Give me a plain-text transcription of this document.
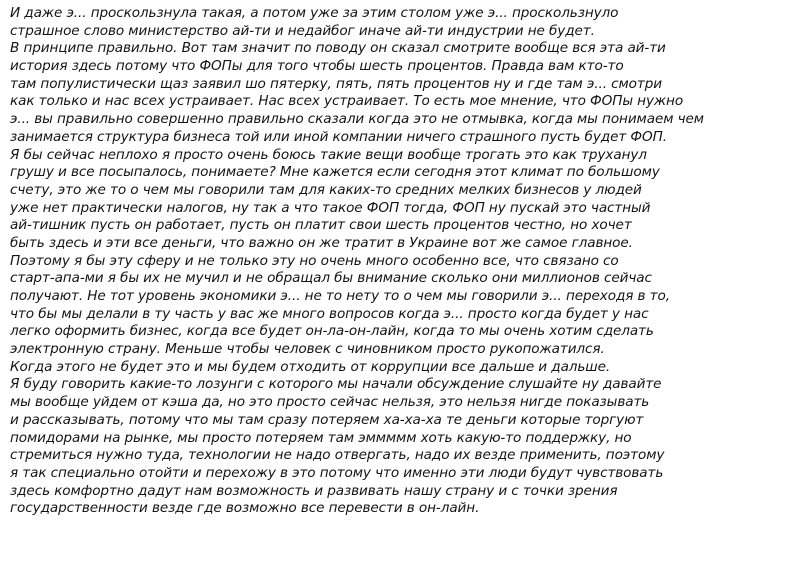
И даже э... проскользнула такая, а потом уже за этим столом уже э... проскользнуло
страшное слово министерство ай-ти и недайбог иначе ай-ти индустрии не будет.
В принципе правильно. Вот там значит по поводу он сказал смотрите вообще вся эта ай-ти
история здесь потому что ФОПы для того чтобы шесть процентов. Правда вам кто-то
там популистически щаз заявил шо пятерку, пять, пять процентов ну и где там э... смотри
как только и нас всех устраивает. Нас всех устраивает. То есть мое мнение, что ФОПы нужно
э... вы правильно совершенно правильно сказали когда это не отмывка, когда мы понимаем чем
занимается структура бизнеса той или иной компании ничего страшного пусть будет ФОП.
Я бы сейчас неплохо я просто очень боюсь такие вещи вообще трогать это как труханул
грушу и все посыпалось, понимаете? Мне кажется если сегодня этот климат по большому
счету, это же то о чем мы говорили там для каких-то средних мелких бизнесов у людей
уже нет практически налогов, ну так а что такое ФОП тогда, ФОП ну пускай это частный
ай-тишник пусть он работает, пусть он платит свои шесть процентов честно, но хочет
быть здесь и эти все деньги, что важно он же тратит в Украине вот же самое главное.
Поэтому я бы эту сферу и не только эту но очень много особенно все, что связано со
старт-апа-ми я бы их не мучил и не обращал бы внимание сколько они миллионов сейчас
получают. Не тот уровень экономики э... не то нету то о чем мы говорили э... переходя в то,
что бы мы делали в ту часть у вас же много вопросов когда э... просто когда будет у нас
легко оформить бизнес, когда все будет он-ла-он-лайн, когда то мы очень хотим сделать
электронную страну. Меньше чтобы человек с чиновником просто рукопожатился.
Когда этого не будет это и мы будем отходить от коррупции все дальше и дальше.
Я буду говорить какие-то лозунги с которого мы начали обсуждение слушайте ну давайте
мы вообще уйдем от кэша да, но это просто сейчас нельзя, это нельзя нигде показывать
и рассказывать, потому что мы там сразу потеряем ха-ха-ха те деньги которые торгуют
помидорами на рынке, мы просто потеряем там эммммм хоть какую-то поддержку, но
стремиться нужно туда, технологии не надо отвергать, надо их везде применить, поэтому
я так специально отойти и перехожу в это потому что именно эти люди будут чувствовать
здесь комфортно дадут нам возможность и развивать нашу страну и с точки зрения
государственности везде где возможно все перевести в он-лайн.
